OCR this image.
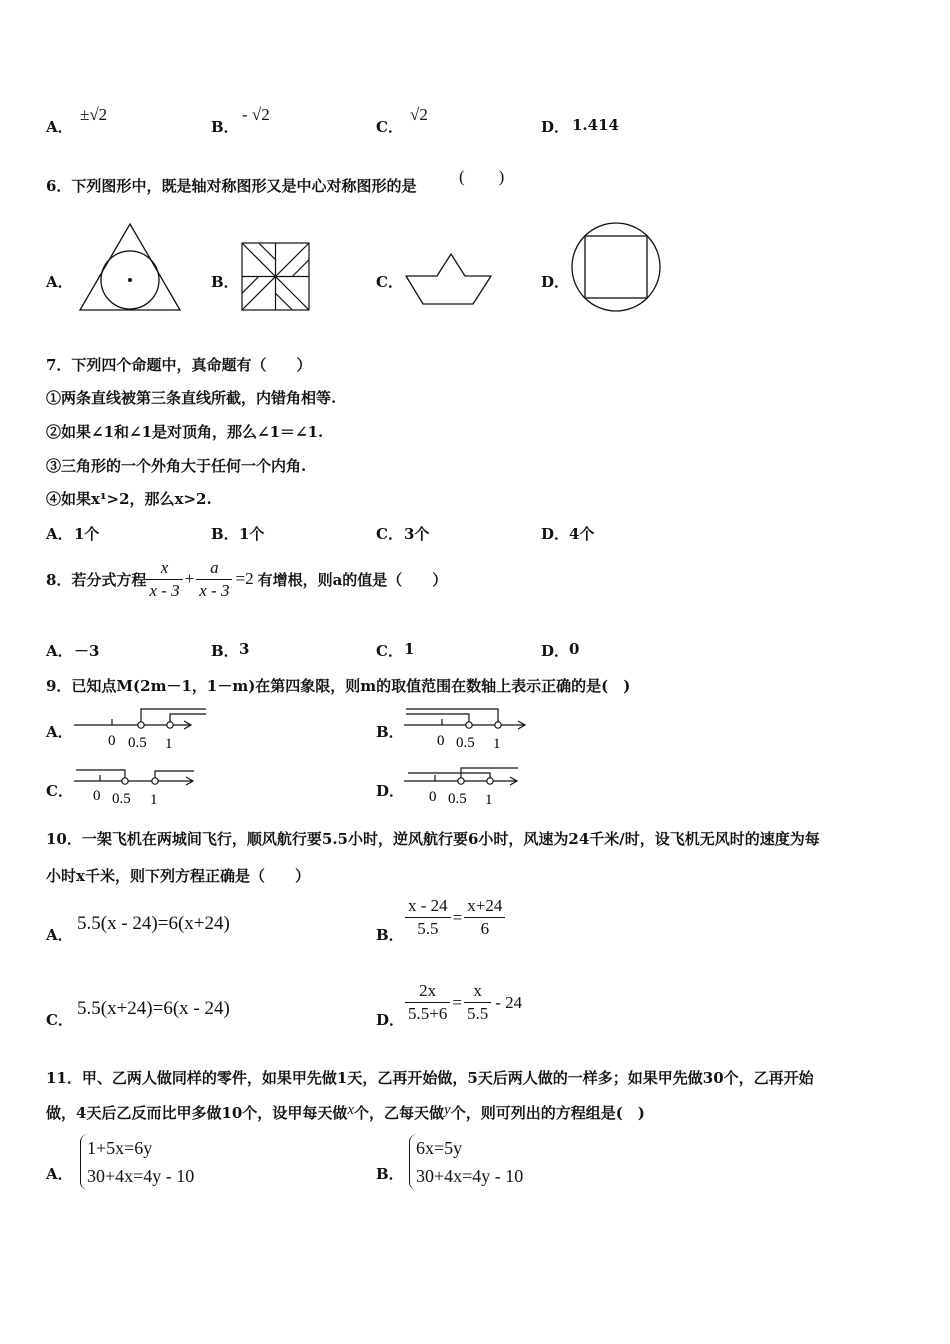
A．
±√2
B．
- √2
C．
√2
D． 1.414
6．下列图形中，既是轴对称图形又是中心对称图形的是	(　　)
A．	B．	C．	D．
7．下列四个命题中，真命题有（　　）
①两条直线被第三条直线所截，内错角相等.
②如果∠1和∠1是对顶角，那么∠1＝∠1.
③三角形的一个外角大于任何一个内角.
④如果x¹>2，那么x>2.
A． 1个	B． 1个	C． 3个	D． 4个
8．若分式方程 $\frac{x}{x - 3} + \frac{a}{x - 3} =2$ 有增根，则a的值是（　　）
A． －3	B． 3	C． 1	D． 0
9．已知点M(2m－1，1－m)在第四象限，则m的取值范围在数轴上表示正确的是(　)
A． 0 0.5 1
B． 0 0.5 1
C． 0 0.5 1	D． 0 0.5 1
10．一架飞机在两城间飞行，顺风航行要5.5小时，逆风航行要6小时，风速为24千米/时，设飞机无风时的速度为每
小时x千米，则下列方程正确是（　　）
A．
5.5(x - 24)=6(x+24)
B． $\frac{x - 24}{5.5} = \frac{x+24}{6}$
C．
5.5(x+24)=6(x - 24)
D． $\frac{2x}{5.5+6} = \frac{x}{5.5} - 24$
11．甲、乙两人做同样的零件，如果甲先做1天，乙再开始做，5天后两人做的一样多；如果甲先做30个，乙再开始
做，4天后乙反而比甲多做10个，设甲每天做x个，乙每天做y个，则可列出的方程组是(　)
A．
1+5x=6y
30+4x=4y - 10	B．
6x=5y
30+4x=4y - 10
